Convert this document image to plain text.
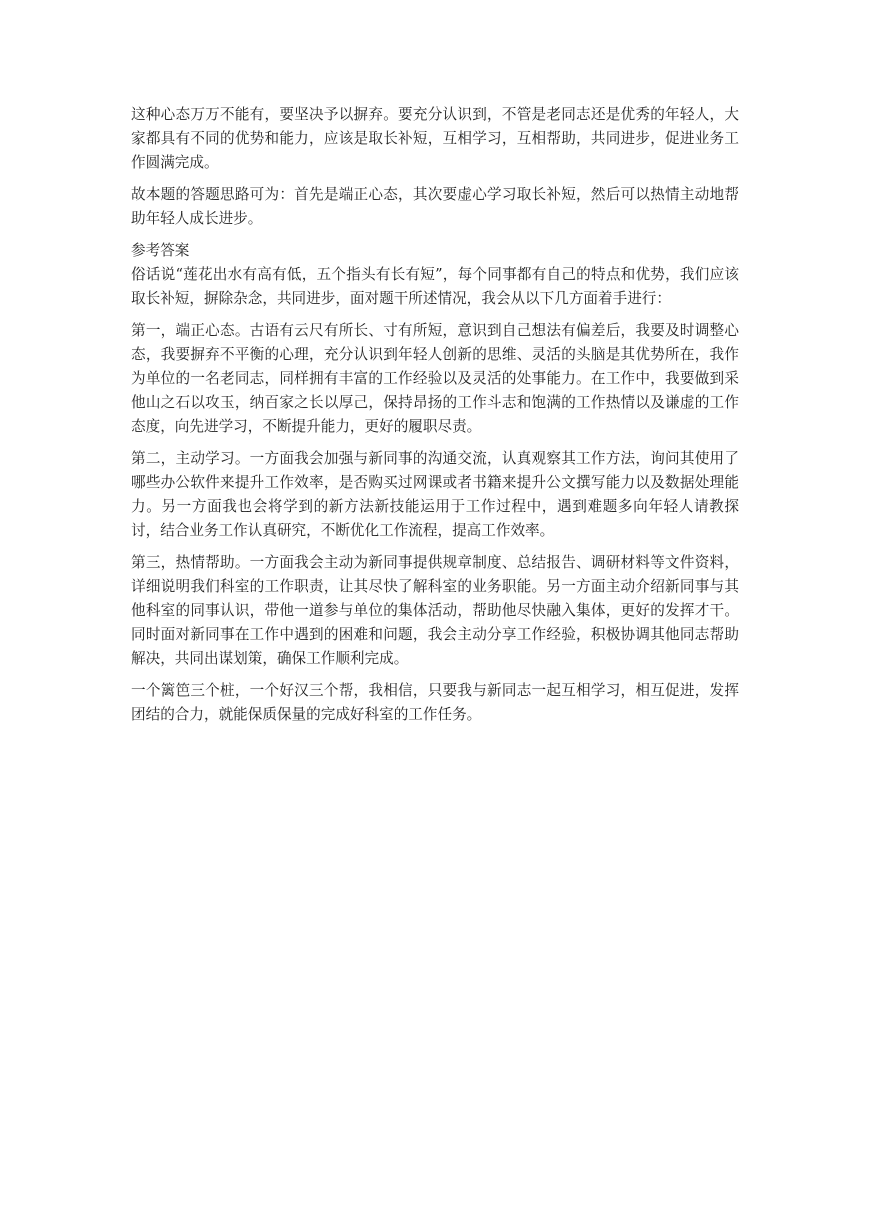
这种心态万万不能有，要坚决予以摒弃。要充分认识到，不管是老同志还是优秀的年轻人，大家都具有不同的优势和能力，应该是取长补短，互相学习，互相帮助，共同进步，促进业务工作圆满完成。

故本题的答题思路可为：首先是端正心态，其次要虚心学习取长补短，然后可以热情主动地帮助年轻人成长进步。

参考答案

俗话说“莲花出水有高有低，五个指头有长有短”，每个同事都有自己的特点和优势，我们应该取长补短，摒除杂念，共同进步，面对题干所述情况，我会从以下几方面着手进行：

第一，端正心态。古语有云尺有所长、寸有所短，意识到自己想法有偏差后，我要及时调整心态，我要摒弃不平衡的心理，充分认识到年轻人创新的思维、灵活的头脑是其优势所在，我作为单位的一名老同志，同样拥有丰富的工作经验以及灵活的处事能力。在工作中，我要做到采他山之石以攻玉，纳百家之长以厚己，保持昂扬的工作斗志和饱满的工作热情以及谦虚的工作态度，向先进学习，不断提升能力，更好的履职尽责。

第二，主动学习。一方面我会加强与新同事的沟通交流，认真观察其工作方法，询问其使用了哪些办公软件来提升工作效率，是否购买过网课或者书籍来提升公文撰写能力以及数据处理能力。另一方面我也会将学到的新方法新技能运用于工作过程中，遇到难题多向年轻人请教探讨，结合业务工作认真研究，不断优化工作流程，提高工作效率。

第三，热情帮助。一方面我会主动为新同事提供规章制度、总结报告、调研材料等文件资料，详细说明我们科室的工作职责，让其尽快了解科室的业务职能。另一方面主动介绍新同事与其他科室的同事认识，带他一道参与单位的集体活动，帮助他尽快融入集体，更好的发挥才干。同时面对新同事在工作中遇到的困难和问题，我会主动分享工作经验，积极协调其他同志帮助解决，共同出谋划策，确保工作顺利完成。

一个篱笆三个桩，一个好汉三个帮，我相信，只要我与新同志一起互相学习，相互促进，发挥团结的合力，就能保质保量的完成好科室的工作任务。
